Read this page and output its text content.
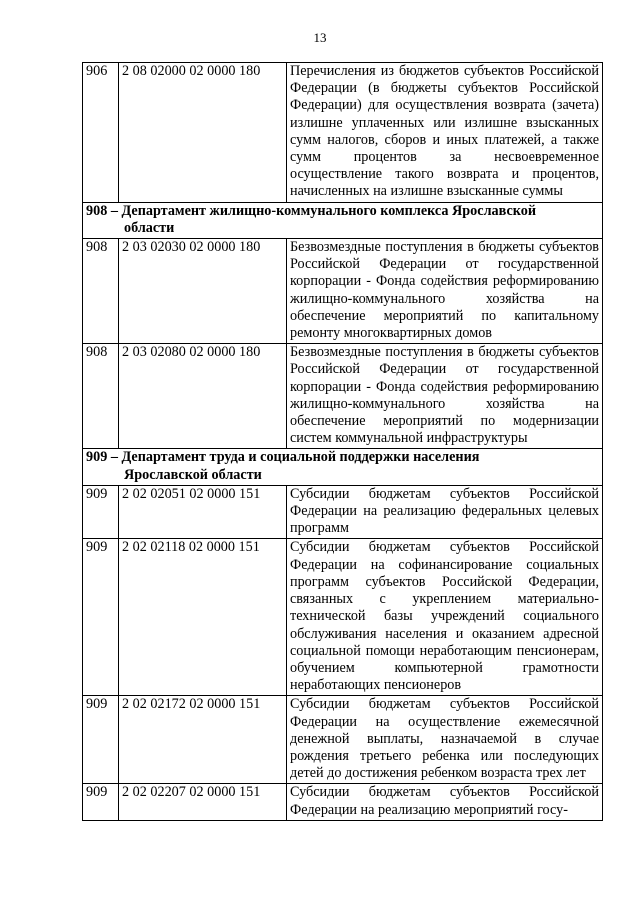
13
906	2 08 02000 02 0000 180	Перечисления из бюджетов субъектов Российской Федерации (в бюджеты субъектов Российской Федерации) для осуществления возврата (зачета) излишне уплаченных или излишне взысканных сумм налогов, сборов и иных платежей, а также сумм процентов за несвоевременное осуществление такого возврата и процентов, начисленных на излишне взысканные суммы

908 – Департамент жилищно-коммунального комплекса Ярославской
области		

908	2 03 02030 02 0000 180	Безвозмездные поступления в бюджеты субъектов Российской Федерации от государственной корпорации - Фонда содействия реформированию жилищно-коммунального хозяйства на обеспечение мероприятий по капитальному ремонту многоквартирных домов
908	2 03 02080 02 0000 180	Безвозмездные поступления в бюджеты субъектов Российской Федерации от государственной корпорации - Фонда содействия реформированию жилищно-коммунального хозяйства на обеспечение мероприятий по модернизации систем коммунальной инфраструктуры

909 – Департамент труда и социальной поддержки населения
Ярославской области		

909	2 02 02051 02 0000 151	Субсидии бюджетам субъектов Российской Федерации на реализацию федеральных целевых программ
909	2 02 02118 02 0000 151	Субсидии бюджетам субъектов Российской Федерации на софинансирование социальных программ субъектов Российской Федерации, связанных с укреплением материально-технической базы учреждений социального обслуживания населения и оказанием адресной социальной помощи неработающим пенсионерам, обучением компьютерной грамотности неработающих пенсионеров
909	2 02 02172 02 0000 151	Субсидии бюджетам субъектов Российской Федерации на осуществление ежемесячной денежной выплаты, назначаемой в случае рождения третьего ребенка или последующих детей до достижения ребенком возраста трех лет
909	2 02 02207 02 0000 151	Субсидии бюджетам субъектов Российской Федерации на реализацию мероприятий госу-
